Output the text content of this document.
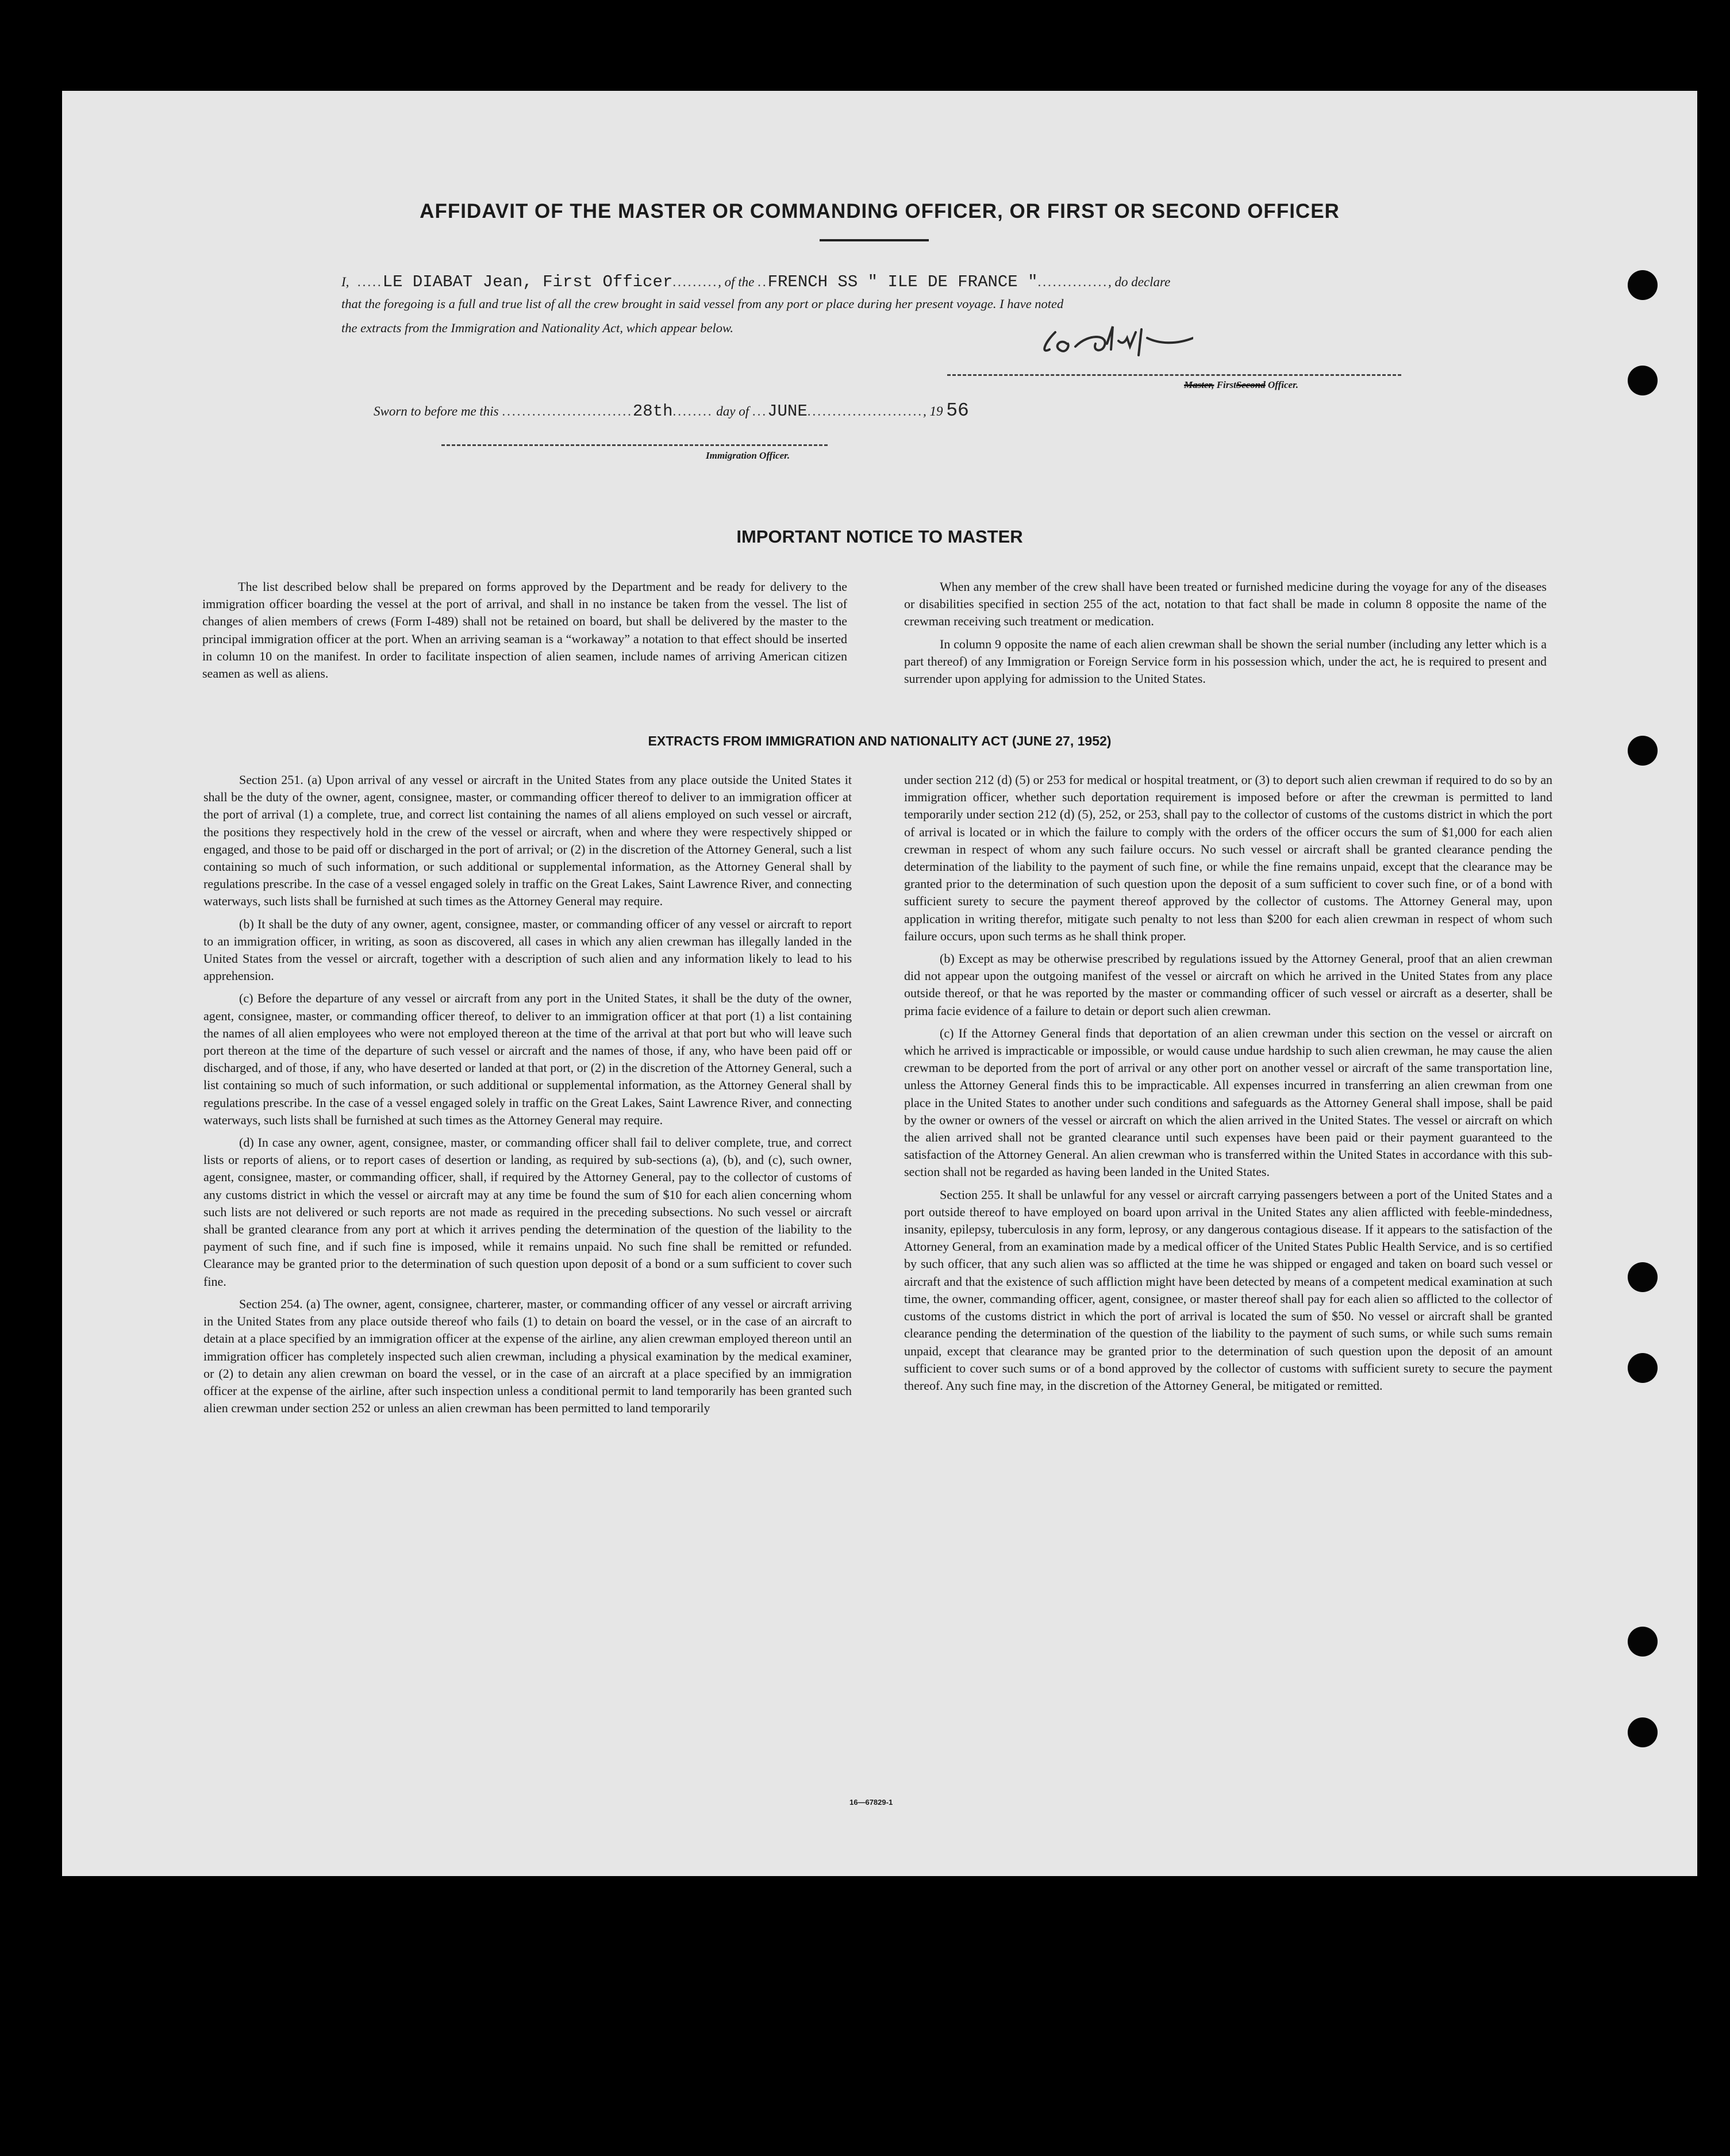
AFFIDAVIT OF THE MASTER OR COMMANDING OFFICER, OR FIRST OR SECOND OFFICER
I,  .....LE DIABAT Jean, First Officer........., of the ..FRENCH SS " ILE DE FRANCE ".............., do declare
that the foregoing is a full and true list of all the crew brought in said vessel from any port or place during her present voyage. I have noted
the extracts from the Immigration and Nationality Act, which appear below.
Master, FirstSecond Officer.
Sworn to before me this ..........................28th........ day of ...JUNE......................., 19 56
Immigration Officer.
IMPORTANT NOTICE TO MASTER

The list described below shall be prepared on forms approved by the Department and be ready for delivery to the immigration officer boarding the vessel at the port of arrival, and shall in no instance be taken from the vessel. The list of changes of alien members of crews (Form I-489) shall not be retained on board, but shall be delivered by the master to the principal immigration officer at the port. When an arriving seaman is a “workaway” a notation to that effect should be inserted in column 10 on the manifest. In order to facilitate inspection of alien seamen, include names of arriving American citizen seamen as well as aliens.

When any member of the crew shall have been treated or furnished medicine during the voyage for any of the diseases or disabilities specified in section 255 of the act, notation to that fact shall be made in column 8 opposite the name of the crewman receiving such treatment or medication.

In column 9 opposite the name of each alien crewman shall be shown the serial number (including any letter which is a part thereof) of any Immigration or Foreign Service form in his possession which, under the act, he is required to present and surrender upon applying for admission to the United States.

EXTRACTS FROM IMMIGRATION AND NATIONALITY ACT (JUNE 27, 1952)

Section 251. (a) Upon arrival of any vessel or aircraft in the United States from any place outside the United States it shall be the duty of the owner, agent, consignee, master, or commanding officer thereof to deliver to an immigration officer at the port of arrival (1) a complete, true, and correct list containing the names of all aliens employed on such vessel or aircraft, the positions they respectively hold in the crew of the vessel or aircraft, when and where they were respectively shipped or engaged, and those to be paid off or discharged in the port of arrival; or (2) in the discretion of the Attorney General, such a list containing so much of such information, or such additional or supplemental information, as the Attorney General shall by regulations prescribe. In the case of a vessel engaged solely in traffic on the Great Lakes, Saint Lawrence River, and connecting waterways, such lists shall be furnished at such times as the Attorney General may require.

(b) It shall be the duty of any owner, agent, consignee, master, or commanding officer of any vessel or aircraft to report to an immigration officer, in writing, as soon as discovered, all cases in which any alien crewman has illegally landed in the United States from the vessel or aircraft, together with a description of such alien and any information likely to lead to his apprehension.

(c) Before the departure of any vessel or aircraft from any port in the United States, it shall be the duty of the owner, agent, consignee, master, or commanding officer thereof, to deliver to an immigration officer at that port (1) a list containing the names of all alien employees who were not employed thereon at the time of the arrival at that port but who will leave such port thereon at the time of the departure of such vessel or aircraft and the names of those, if any, who have been paid off or discharged, and of those, if any, who have deserted or landed at that port, or (2) in the discretion of the Attorney General, such a list containing so much of such information, or such additional or supplemental information, as the Attorney General shall by regulations prescribe. In the case of a vessel engaged solely in traffic on the Great Lakes, Saint Lawrence River, and connecting waterways, such lists shall be furnished at such times as the Attorney General may require.

(d) In case any owner, agent, consignee, master, or commanding officer shall fail to deliver complete, true, and correct lists or reports of aliens, or to report cases of desertion or landing, as required by sub-sections (a), (b), and (c), such owner, agent, consignee, master, or commanding officer, shall, if required by the Attorney General, pay to the collector of customs of any customs district in which the vessel or aircraft may at any time be found the sum of $10 for each alien concerning whom such lists are not delivered or such reports are not made as required in the preceding subsections. No such vessel or aircraft shall be granted clearance from any port at which it arrives pending the determination of the question of the liability to the payment of such fine, and if such fine is imposed, while it remains unpaid. No such fine shall be remitted or refunded. Clearance may be granted prior to the determination of such question upon deposit of a bond or a sum sufficient to cover such fine.

Section 254. (a) The owner, agent, consignee, charterer, master, or commanding officer of any vessel or aircraft arriving in the United States from any place outside thereof who fails (1) to detain on board the vessel, or in the case of an aircraft to detain at a place specified by an immigration officer at the expense of the airline, any alien crewman employed thereon until an immigration officer has completely inspected such alien crewman, including a physical examination by the medical examiner, or (2) to detain any alien crewman on board the vessel, or in the case of an aircraft at a place specified by an immigration officer at the expense of the airline, after such inspection unless a conditional permit to land temporarily has been granted such alien crewman under section 252 or unless an alien crewman has been permitted to land temporarily

under section 212 (d) (5) or 253 for medical or hospital treatment, or (3) to deport such alien crewman if required to do so by an immigration officer, whether such deportation requirement is imposed before or after the crewman is permitted to land temporarily under section 212 (d) (5), 252, or 253, shall pay to the collector of customs of the customs district in which the port of arrival is located or in which the failure to comply with the orders of the officer occurs the sum of $1,000 for each alien crewman in respect of whom any such failure occurs. No such vessel or aircraft shall be granted clearance pending the determination of the liability to the payment of such fine, or while the fine remains unpaid, except that the clearance may be granted prior to the determination of such question upon the deposit of a sum sufficient to cover such fine, or of a bond with sufficient surety to secure the payment thereof approved by the collector of customs. The Attorney General may, upon application in writing therefor, mitigate such penalty to not less than $200 for each alien crewman in respect of whom such failure occurs, upon such terms as he shall think proper.

(b) Except as may be otherwise prescribed by regulations issued by the Attorney General, proof that an alien crewman did not appear upon the outgoing manifest of the vessel or aircraft on which he arrived in the United States from any place outside thereof, or that he was reported by the master or commanding officer of such vessel or aircraft as a deserter, shall be prima facie evidence of a failure to detain or deport such alien crewman.

(c) If the Attorney General finds that deportation of an alien crewman under this section on the vessel or aircraft on which he arrived is impracticable or impossible, or would cause undue hardship to such alien crewman, he may cause the alien crewman to be deported from the port of arrival or any other port on another vessel or aircraft of the same transportation line, unless the Attorney General finds this to be impracticable. All expenses incurred in transferring an alien crewman from one place in the United States to another under such conditions and safeguards as the Attorney General shall impose, shall be paid by the owner or owners of the vessel or aircraft on which the alien arrived in the United States. The vessel or aircraft on which the alien arrived shall not be granted clearance until such expenses have been paid or their payment guaranteed to the satisfaction of the Attorney General. An alien crewman who is transferred within the United States in accordance with this sub-section shall not be regarded as having been landed in the United States.

Section 255. It shall be unlawful for any vessel or aircraft carrying passengers between a port of the United States and a port outside thereof to have employed on board upon arrival in the United States any alien afflicted with feeble-mindedness, insanity, epilepsy, tuberculosis in any form, leprosy, or any dangerous contagious disease. If it appears to the satisfaction of the Attorney General, from an examination made by a medical officer of the United States Public Health Service, and is so certified by such officer, that any such alien was so afflicted at the time he was shipped or engaged and taken on board such vessel or aircraft and that the existence of such affliction might have been detected by means of a competent medical examination at such time, the owner, commanding officer, agent, consignee, or master thereof shall pay for each alien so afflicted to the collector of customs of the customs district in which the port of arrival is located the sum of $50. No vessel or aircraft shall be granted clearance pending the determination of the question of the liability to the payment of such sums, or while such sums remain unpaid, except that clearance may be granted prior to the determination of such question upon the deposit of an amount sufficient to cover such sums or of a bond approved by the collector of customs with sufficient surety to secure the payment thereof. Any such fine may, in the discretion of the Attorney General, be mitigated or remitted.

16—67829-1
